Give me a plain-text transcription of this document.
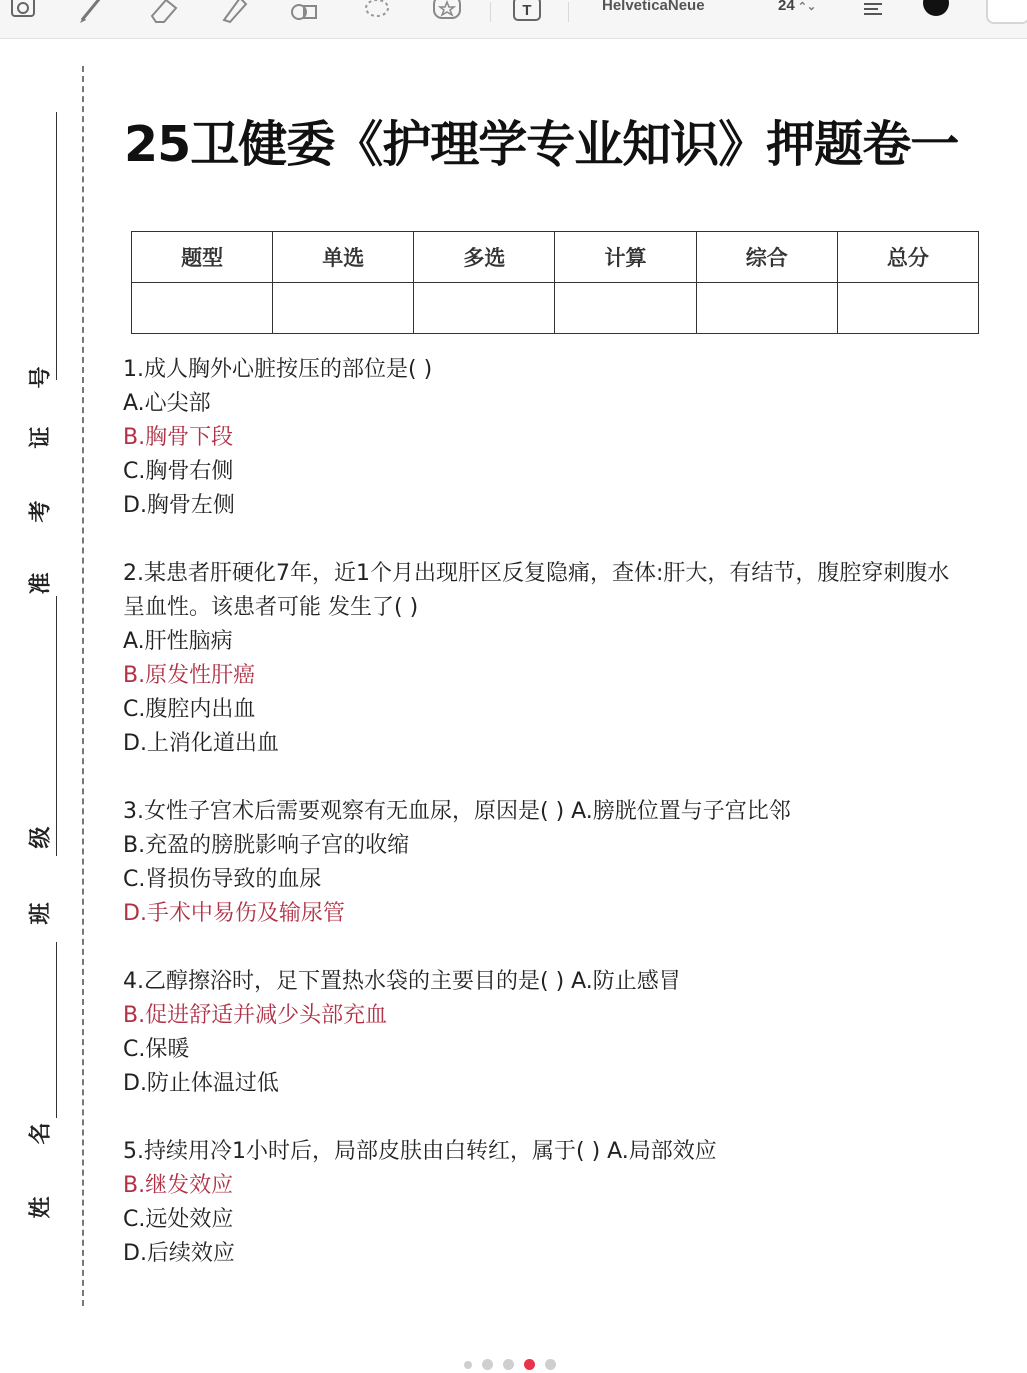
T	HelveticaNeue	24 ⌃⌄
号
证
考
准
级
班
名
姓
25卫健委《护理学专业知识》押题卷一
题型	单选	多选	计算	综合	总分

1.成人胸外心脏按压的部位是( )
A.心尖部
B.胸骨下段
C.胸骨右侧
D.胸骨左侧
2.某患者肝硬化7年，近1个月出现肝区反复隐痛，查体:肝大，有结节，腹腔穿刺腹水
呈血性。该患者可能 发生了( )
A.肝性脑病
B.原发性肝癌
C.腹腔内出血
D.上消化道出血
3.女性子宫术后需要观察有无血尿，原因是( ) A.膀胱位置与子宫比邻
B.充盈的膀胱影响子宫的收缩
C.肾损伤导致的血尿
D.手术中易伤及输尿管
4.乙醇擦浴时，足下置热水袋的主要目的是( ) A.防止感冒
B.促进舒适并减少头部充血
C.保暖
D.防止体温过低
5.持续用冷1小时后，局部皮肤由白转红，属于( ) A.局部效应
B.继发效应
C.远处效应
D.后续效应
